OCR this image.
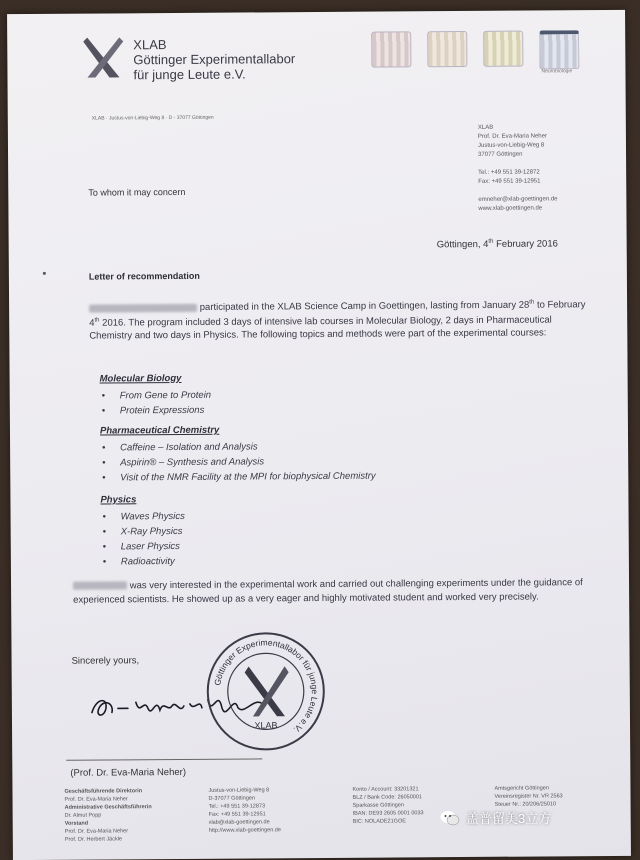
XLAB
Göttinger Experimentallabor
für junge Leute e.V.	Neurobiologie
XLAB · Justus-von-Liebig-Weg 8 · D - 37077 Göttingen
XLAB
Prof. Dr. Eva-Maria Neher
Justus-von-Liebig-Weg 8
37077 Göttingen

Tel.: +49 551 39-12872
Fax: +49 551 39-12951

emneher@xlab-goettingen.de
www.xlab-goettingen.de
To whom it may concern
Göttingen, 4th February 2016
Letter of recommendation
participated in the XLAB Science Camp in Goettingen, lasting from January 28th to February 4th 2016. The program included 3 days of intensive lab courses in Molecular Biology, 2 days in Pharmaceutical Chemistry and two days in Physics. The following topics and methods were part of the experimental courses:
Molecular Biology
• From Gene to Protein
• Protein Expressions
Pharmaceutical Chemistry
• Caffeine – Isolation and Analysis
• Aspirin® – Synthesis and Analysis
• Visit of the NMR Facility at the MPI for biophysical Chemistry
Physics
• Waves Physics
• X-Ray Physics
• Laser Physics
• Radioactivity
was very interested in the experimental work and carried out challenging experiments under the guidance of experienced scientists. He showed up as a very eager and highly motivated student and worked very precisely.
Sincerely yours,
Göttinger Experimentallabor für junge Leute e.V.
XLAB
(Prof. Dr. Eva-Maria Neher)
Geschäftsführende Direktorin
Prof. Dr. Eva-Maria Neher
Administrative Geschäftsführerin
Dr. Almut Popp
Vorstand
Prof. Dr. Eva-Maria Neher
Prof. Dr. Herbert Jäckle
Justus-von-Liebig-Weg 8
D-37077 Göttingen
Tel.: +49 551 39-12873
Fax: +49 551 39-12951
xlab@xlab-goettingen.de
http://www.xlab-goettingen.de
Konto / Account: 33201321
BLZ / Bank Code: 26050001
Sparkasse Göttingen
IBAN: DE93 2605 0001 0033
BIC: NOLADE21GOE
Amtsgericht Göttingen
Vereinsregister Nr. VR 2563
Steuer Nr.: 20/206/25010
盖普留美3立方
